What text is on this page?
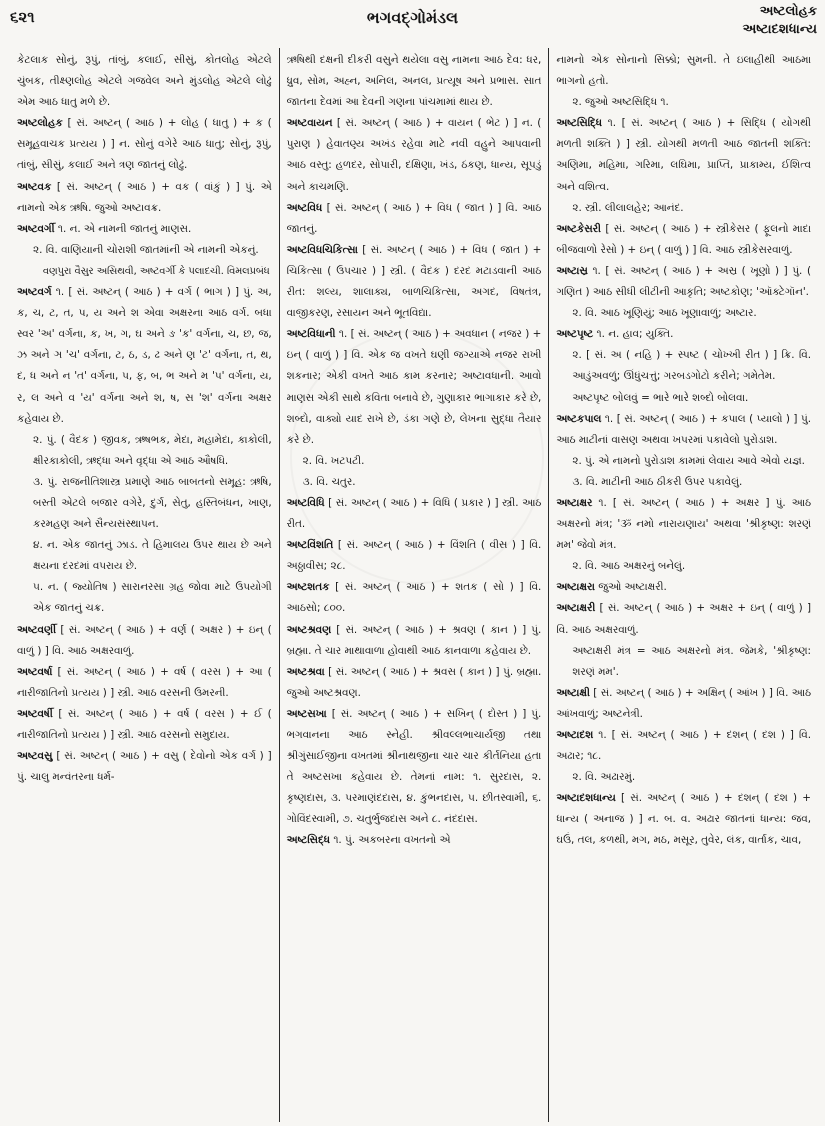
૬૨૧	ભગવદ્ગોમંડલ	અષ્ટલોહક
અષ્ટાદશધાન્ય

કેટલાક સોનું, રૂપું, તાંબું, કલાઈ, સીસું, કોતલોહ એટલે ચુંબક, તીક્ષ્ણલોહ એટલે ગજવેલ અને મુંડલોહ એટલે લોઢું એમ આઠ ધાતુ મળે છે.

અષ્ટલોહક [ સં. અષ્ટન્ ( આઠ ) + લોહ ( ધાતુ ) + ક ( સમૂહવાચક પ્રત્યય ) ] ન. સોનું વગેરે આઠ ધાતુ; સોનું, રૂપું, તાંબું, સીસું, કલાઈ અને ત્રણ જાતનું લોઢું.

અષ્ટવક [ સં. અષ્ટન્ ( આઠ ) + વક ( વાંકું ) ] પું. એ નામનો એક ઋષિ. જુઓ અષ્ટાવક્ર.

અષ્ટવર્ગી ૧. ન. એ નામની જાતનું માણસ.

૨. વિ. વાણિયાની ચોરાશી જાતમાંની એ નામની એકનું.

વણપુરા વૈસુર અસિથવી, અષ્ટવર્ગી કે પલાદચી. વિમલપ્રબંધ

અષ્ટવર્ગ ૧. [ સં. અષ્ટન્ ( આઠ ) + વર્ગ ( ભાગ ) ] પું. અ, ક, ચ, ટ, ત, પ, ય અને શ એવા અક્ષરના આઠ વર્ગ. બધા સ્વર 'અ' વર્ગના, ક, ખ, ગ, ઘ અને ઙ 'ક' વર્ગના, ચ, છ, જ, ઝ અને ઞ 'ચ' વર્ગના, ટ, ઠ, ડ, ઢ અને ણ 'ટ' વર્ગના, ત, થ, દ, ધ અને ન 'ત' વર્ગના, પ, ફ, બ, ભ અને મ 'પ' વર્ગના, ય, ર, લ અને વ 'ય' વર્ગના અને શ, ષ, સ 'શ' વર્ગના અક્ષર કહેવાય છે.

૨. પું. ( વૈદક ) જીવક, ઋષભક, મેદા, મહામેદા, કાકોલી, ક્ષીરકાકોલી, ઋદ્ધા અને વૃદ્ધા એ આઠ ઔષધિ.

૩. પું. રાજનીતિશાસ્ત્ર પ્રમાણે આઠ બાબતનો સમૂહ: ઋષિ, બસ્તી એટલે બજાર વગેરે, દુર્ગ, સેતુ, હસ્તિબંધન, ખાણ, કરમહણ અને સૈન્યસંસ્થાપન.

૪. ન. એક જાતનું ઝાડ. તે હિમાલય ઉપર થાય છે અને ક્ષયના દરદમાં વપરાય છે.

૫. ન. ( જ્યોતિષ ) સારાનરસા ગ્રહ જોવા માટે ઉપયોગી એક જાતનું ચક્ર.

અષ્ટવર્ણી [ સં. અષ્ટન્ ( આઠ ) + વર્ણ ( અક્ષર ) + ઇન્ ( વાળું ) ] વિ. આઠ અક્ષરવાળું.

અષ્ટવર્ષા [ સં. અષ્ટન્ ( આઠ ) + વર્ષ ( વરસ ) + આ ( નારીજાતિનો પ્રત્યય ) ] સ્ત્રી. આઠ વરસની ઉમરની.

અષ્ટવર્ષી [ સં. અષ્ટન્ ( આઠ ) + વર્ષ ( વરસ ) + ઈ ( નારીજાતિનો પ્રત્યય ) ] સ્ત્રી. આઠ વરસનો સમુદાય.

અષ્ટવસુ [ સં. અષ્ટન્ ( આઠ ) + વસુ ( દેવોનો એક વર્ગ ) ] પું. ચાલુ મન્વંતરના ધર્મ-

ઋષિથી દક્ષની દીકરી વસુને થયેલા વસુ નામના આઠ દેવ: ધર, ધ્રુવ, સોમ, અહ્ન, અનિલ, અનલ, પ્રત્યૂષ અને પ્રભાસ. સાત જાતના દેવમાં આ દેવની ગણના પાંચમામાં થાય છે.

અષ્ટવાયન [ સં. અષ્ટન્ ( આઠ ) + વાયન ( ભેટ ) ] ન. ( પુરાણ ) હેવાતણ્ય અખંડ રહેવા માટે નવી વહુને આપવાની આઠ વસ્તુ: હળદર, સોપારી, દક્ષિણા, ખંડ, ઠંકણ, ધાન્ય, સૂપડું અને કાચમણિ.

અષ્ટવિધ [ સં. અષ્ટન્ ( આઠ ) + વિધ ( જાત ) ] વિ. આઠ જાતનું.

અષ્ટવિધચિકિત્સા [ સં. અષ્ટન્ ( આઠ ) + વિધ ( જાત ) + ચિકિત્સા ( ઉપચાર ) ] સ્ત્રી. ( વૈદક ) દરદ મટાડવાની આઠ રીત: શલ્ય, શાલાક્ય, બાળચિકિત્સા, અગદ, વિષતંત્ર, વાજીકરણ, રસાયન અને ભૂતવિદ્યા.

અષ્ટવિધાની ૧. [ સં. અષ્ટન્ ( આઠ ) + અવધાન ( નજર ) + ઇન્ ( વાળું ) ] વિ. એક જ વખતે ઘણી જગ્યાએ નજર રાખી શકનાર; એકી વખતે આઠ કામ કરનાર; અષ્ટાવધાની. આવો માણસ એકી સાથે કવિતા બનાવે છે, ગુણાકાર ભાગાકાર કરે છે, શબ્દો, વાક્યો યાદ રાખે છે, ડંકા ગણે છે, લેખના સુદ્ધા તૈયાર કરે છે.

૨. વિ. ખટપટી.

૩. વિ. ચતુર.

અષ્ટવિધિ [ સં. અષ્ટન્ ( આઠ ) + વિધિ ( પ્રકાર ) ] સ્ત્રી. આઠ રીત.

અષ્ટવિંશતિ [ સં. અષ્ટન્ ( આઠ ) + વિંશતિ ( વીસ ) ] વિ. અઠ્ઠાવીસ; ૨૮.

અષ્ટશતક [ સં. અષ્ટન્ ( આઠ ) + શતક ( સો ) ] વિ. આઠસો; ૮૦૦.

અષ્ટશ્રવણ [ સં. અષ્ટન્ ( આઠ ) + શ્રવણ ( કાન ) ] પું. બ્રહ્મા. તે ચાર માથાવાળા હોવાથી આઠ કાનવાળા કહેવાય છે.

અષ્ટશ્રવા [ સં. અષ્ટન્ ( આઠ ) + શ્રવસ ( કાન ) ] પું. બ્રહ્મા. જુઓ અષ્ટશ્રવણ.

અષ્ટસખા [ સં. અષ્ટન્ ( આઠ ) + સખિન્ ( દોસ્ત ) ] પું. ભગવાનના આઠ સ્નેહી. શ્રીવલ્લભાચાર્યજી તથા શ્રીગુંસાઈજીના વખતમાં શ્રીનાથજીના ચાર ચાર કીર્તનિયા હતા તે અષ્ટસખા કહેવાય છે. તેમનાં નામ: ૧. સુરદાસ, ૨. કૃષ્ણદાસ, ૩. પરમાણંદદાસ, ૪. કુંભનદાસ, ૫. છીતસ્વામી, ૬. ગોવિંદસ્વામી, ૭. ચતુર્ભુજદાસ અને ૮. નંદદાસ.

અષ્ટસિદ્ધ ૧. પું. અકબરના વખતનો એ

નામનો એક સોનાનો સિક્કો; સુમની. તે ઇલાહીથી આઠમા ભાગનો હતો.

૨. જુઓ અષ્ટસિદ્ધિ ૧.

અષ્ટસિદ્ધિ ૧. [ સં. અષ્ટન્ ( આઠ ) + સિદ્ધિ ( યોગથી મળતી શક્તિ ) ] સ્ત્રી. યોગથી મળતી આઠ જાતની શક્તિ: અણિમા, મહિમા, ગરિમા, લઘિમા, પ્રાપ્તિ, પ્રાકામ્ય, ઈશિત્વ અને વશિત્વ.

૨. સ્ત્રી. લીલાલહેર; આનંદ.

અષ્ટકેસરી [ સં. અષ્ટન્ ( આઠ ) + સ્ત્રીકેસર ( ફૂલનો માદા બીજવાળો રેસો ) + ઇન્ ( વાળું ) ] વિ. આઠ સ્ત્રીકેસરવાળું.

અષ્ટાસ્ર ૧. [ સં. અષ્ટન્ ( આઠ ) + અસ્ર ( ખૂણો ) ] પું. ( ગણિત ) આઠ સીધી લીટીની આકૃતિ; અષ્ટકોણ; 'ઑક્ટેગૉન'.

૨. વિ. આઠ ખૂણિયું; આઠ ખૂણાવાળું; અષ્ટાર.

અષ્ટપૃષ્ટ ૧. ન. હાવ; યુક્તિ.

૨. [ સં. અ ( નહિ ) + સ્પષ્ટ ( ચોખ્ખી રીત ) ] ક્રિ. વિ. આડુંઅવળું; ઊંધુંચત્તું; ગરબડગોટો કરીને; ગમેતેમ.

અષ્ટપૃષ્ટ બોલવું = ભારે ભારે શબ્દો બોલવા.

અષ્ટકપાલ ૧. [ સં. અષ્ટન્ ( આઠ ) + કપાલ ( પ્યાલો ) ] પું. આઠ માટીનાં વાસણ અથવા ખપરમાં પકાવેલો પુરોડાશ.

૨. પું. એ નામનો પુરોડાશ કામમાં લેવાય આવે એવો યજ્ઞ.

૩. વિ. માટીની આઠ ઠીકરી ઉપર પકાવેલું.

અષ્ટાક્ષર ૧. [ સં. અષ્ટન્ ( આઠ ) + અક્ષર ] પું. આઠ અક્ષરનો મંત્ર; 'ૐ નમો નારાયણાય' અથવા 'શ્રીકૃષ્ણ: શરણં મમ' જેવો મંત્ર.

૨. વિ. આઠ અક્ષરનું બનેલું.

અષ્ટાક્ષરા જુઓ અષ્ટાક્ષરી.

અષ્ટાક્ષરી [ સં. અષ્ટન્ ( આઠ ) + અક્ષર + ઇન્ ( વાળું ) ] વિ. આઠ અક્ષરવાળું.

અષ્ટાક્ષરી મંત્ર = આઠ અક્ષરનો મંત્ર. જેમકે, 'શ્રીકૃષ્ણ: શરણં મમ'.

અષ્ટાક્ષી [ સં. અષ્ટન્ ( આઠ ) + અક્ષિન્ ( આંખ ) ] વિ. આઠ આંખવાળું; અષ્ટનેત્રી.

અષ્ટાદશ ૧. [ સં. અષ્ટન્ ( આઠ ) + દશન્ ( દશ ) ] વિ. અઢાર; ૧૮.

૨. વિ. અઢારમું.

અષ્ટાદશધાન્ય [ સં. અષ્ટન્ ( આઠ ) + દશન્ ( દશ ) + ધાન્ય ( અનાજ ) ] ન. બ. વ. અઢાર જાતનાં ધાન્ય: જવ, ઘઉં, તલ, કળથી, મગ, મઠ, મસૂર, તુવેર, લંક, વાર્તાક, ચાવ,
